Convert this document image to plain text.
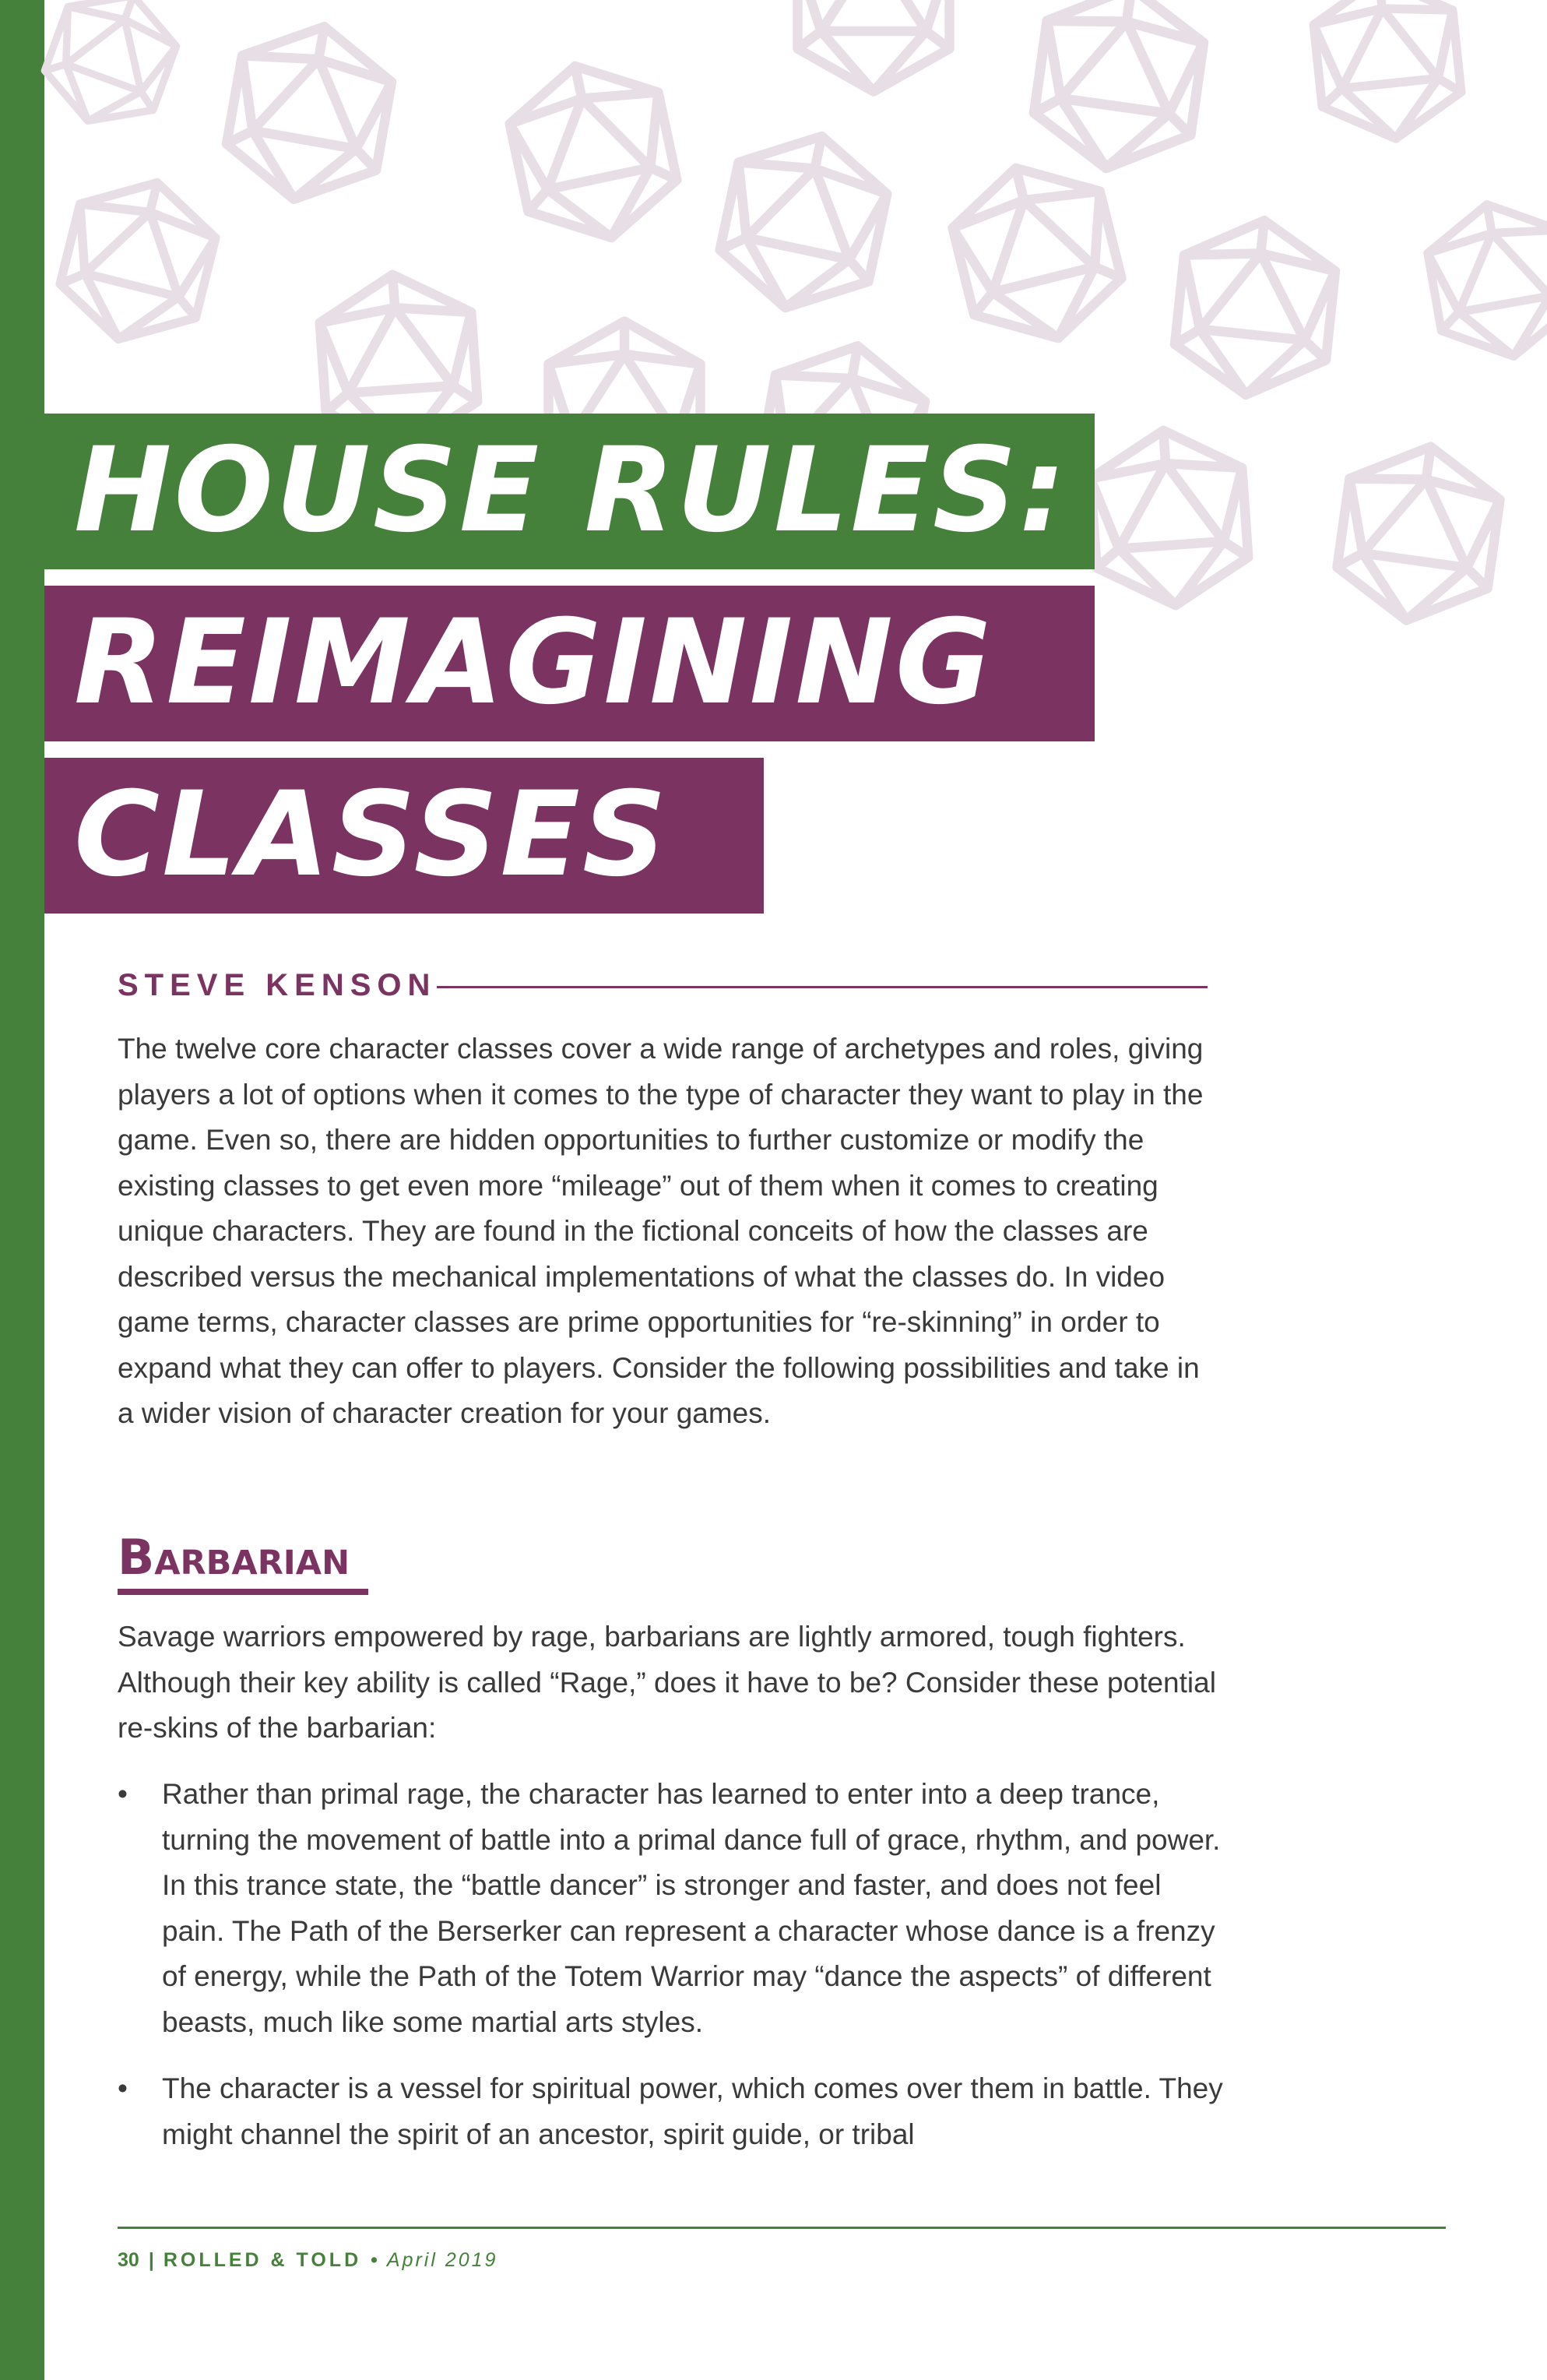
HOUSE RULES:
REIMAGINING
CLASSES
STEVE KENSON

The twelve core character classes cover a wide range of archetypes and roles, giving players a lot of options when it comes to the type of character they want to play in the game. Even so, there are hidden opportunities to further customize or modify the existing classes to get even more “mileage” out of them when it comes to creating unique characters. They are found in the fictional conceits of how the classes are described versus the mechanical implementations of what the classes do. In video game terms, character classes are prime opportunities for “re-skinning” in order to expand what they can offer to players. Consider the following possibilities and take in a wider vision of character creation for your games.

Barbarian

Savage warriors empowered by rage, barbarians are lightly armored, tough fighters. Although their key ability is called “Rage,” does it have to be? Consider these potential re-skins of the barbarian:

• Rather than primal rage, the character has learned to enter into a deep trance, turning the movement of battle into a primal dance full of grace, rhythm, and power. In this trance state, the “battle dancer” is stronger and faster, and does not feel pain. The Path of the Berserker can represent a character whose dance is a frenzy of energy, while the Path of the Totem Warrior may “dance the aspects” of different beasts, much like some martial arts styles.
• The character is a vessel for spiritual power, which comes over them in battle. They might channel the spirit of an ancestor, spirit guide, or tribal
30 | ROLLED & TOLD • April 2019
